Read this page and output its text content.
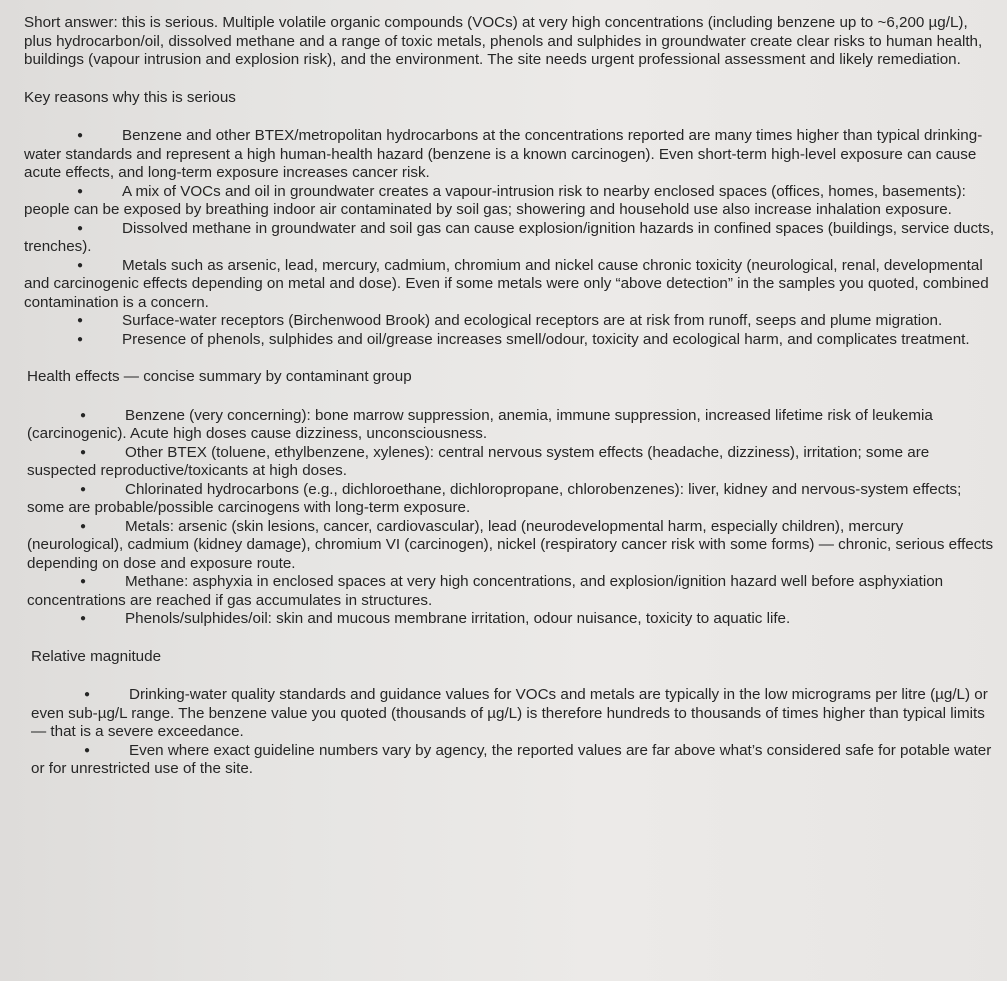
Short answer: this is serious. Multiple volatile organic compounds (VOCs) at very high concentrations (including benzene up to ~6,200 µg/L), plus hydrocarbon/oil, dissolved methane and a range of toxic metals, phenols and sulphides in groundwater create clear risks to human health, buildings (vapour intrusion and explosion risk), and the environment. The site needs urgent professional assessment and likely remediation.

Key reasons why this is serious

●	Benzene and other BTEX/metropolitan hydrocarbons at the concentrations reported are many times higher than typical drinking-water standards and represent a high human-health hazard (benzene is a known carcinogen). Even short-term high-level exposure can cause acute effects, and long-term exposure increases cancer risk.
●	A mix of VOCs and oil in groundwater creates a vapour-intrusion risk to nearby enclosed spaces (offices, homes, basements): people can be exposed by breathing indoor air contaminated by soil gas; showering and household use also increase inhalation exposure.
●	Dissolved methane in groundwater and soil gas can cause explosion/ignition hazards in confined spaces (buildings, service ducts, trenches).
●	Metals such as arsenic, lead, mercury, cadmium, chromium and nickel cause chronic toxicity (neurological, renal, developmental and carcinogenic effects depending on metal and dose). Even if some metals were only “above detection” in the samples you quoted, combined contamination is a concern.
●	Surface-water receptors (Birchenwood Brook) and ecological receptors are at risk from runoff, seeps and plume migration.
●	Presence of phenols, sulphides and oil/grease increases smell/odour, toxicity and ecological harm, and complicates treatment.

Health effects — concise summary by contaminant group

●	Benzene (very concerning): bone marrow suppression, anemia, immune suppression, increased lifetime risk of leukemia (carcinogenic). Acute high doses cause dizziness, unconsciousness.
●	Other BTEX (toluene, ethylbenzene, xylenes): central nervous system effects (headache, dizziness), irritation; some are suspected reproductive/toxicants at high doses.
●	Chlorinated hydrocarbons (e.g., dichloroethane, dichloropropane, chlorobenzenes): liver, kidney and nervous-system effects; some are probable/possible carcinogens with long-term exposure.
●	Metals: arsenic (skin lesions, cancer, cardiovascular), lead (neurodevelopmental harm, especially children), mercury (neurological), cadmium (kidney damage), chromium VI (carcinogen), nickel (respiratory cancer risk with some forms) — chronic, serious effects depending on dose and exposure route.
●	Methane: asphyxia in enclosed spaces at very high concentrations, and explosion/ignition hazard well before asphyxiation concentrations are reached if gas accumulates in structures.
●	Phenols/sulphides/oil: skin and mucous membrane irritation, odour nuisance, toxicity to aquatic life.

Relative magnitude

●	Drinking-water quality standards and guidance values for VOCs and metals are typically in the low micrograms per litre (µg/L) or even sub-µg/L range. The benzene value you quoted (thousands of µg/L) is therefore hundreds to thousands of times higher than typical limits — that is a severe exceedance.
●	Even where exact guideline numbers vary by agency, the reported values are far above what’s considered safe for potable water or for unrestricted use of the site.
